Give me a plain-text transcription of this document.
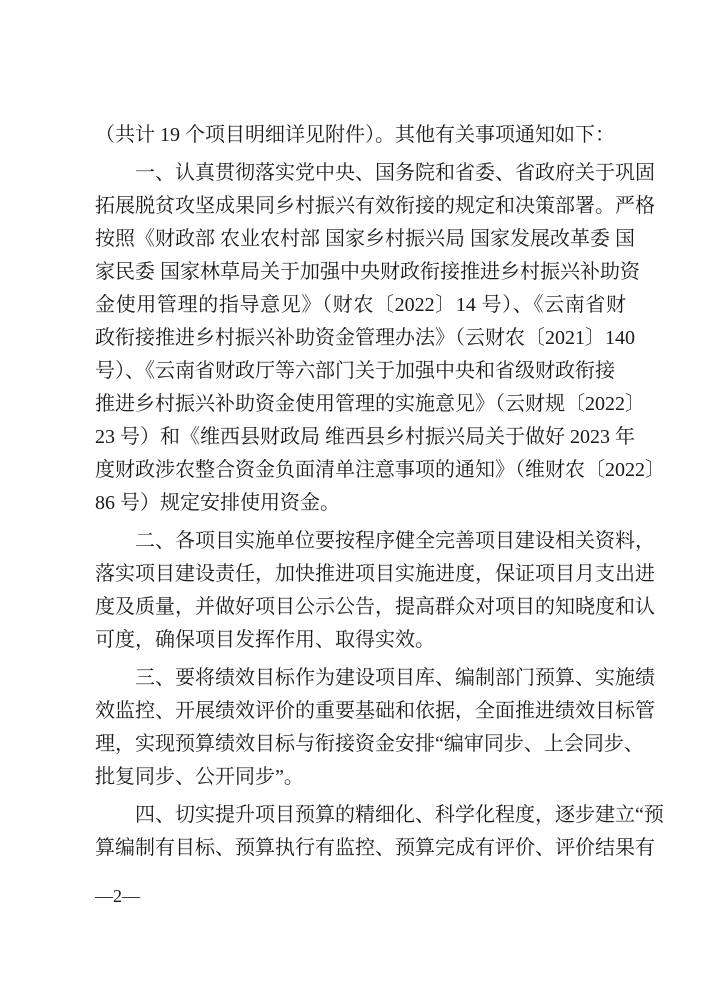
（共计 19 个项目明细详见附件）。其他有关事项通知如下：
一、认真贯彻落实党中央、国务院和省委、省政府关于巩固
拓展脱贫攻坚成果同乡村振兴有效衔接的规定和决策部署。严格
按照《财政部 农业农村部 国家乡村振兴局 国家发展改革委 国
家民委 国家林草局关于加强中央财政衔接推进乡村振兴补助资
金使用管理的指导意见》（财农〔2022〕14 号）、《云南省财
政衔接推进乡村振兴补助资金管理办法》（云财农〔2021〕140
号）、《云南省财政厅等六部门关于加强中央和省级财政衔接
推进乡村振兴补助资金使用管理的实施意见》（云财规〔2022〕
23 号）和《维西县财政局 维西县乡村振兴局关于做好 2023 年
度财政涉农整合资金负面清单注意事项的通知》（维财农〔2022〕
86 号）规定安排使用资金。
二、各项目实施单位要按程序健全完善项目建设相关资料，
落实项目建设责任，加快推进项目实施进度，保证项目月支出进
度及质量，并做好项目公示公告，提高群众对项目的知晓度和认
可度，确保项目发挥作用、取得实效。
三、要将绩效目标作为建设项目库、编制部门预算、实施绩
效监控、开展绩效评价的重要基础和依据，全面推进绩效目标管
理，实现预算绩效目标与衔接资金安排“编审同步、上会同步、
批复同步、公开同步”。
四、切实提升项目预算的精细化、科学化程度，逐步建立“预
算编制有目标、预算执行有监控、预算完成有评价、评价结果有
—2—
